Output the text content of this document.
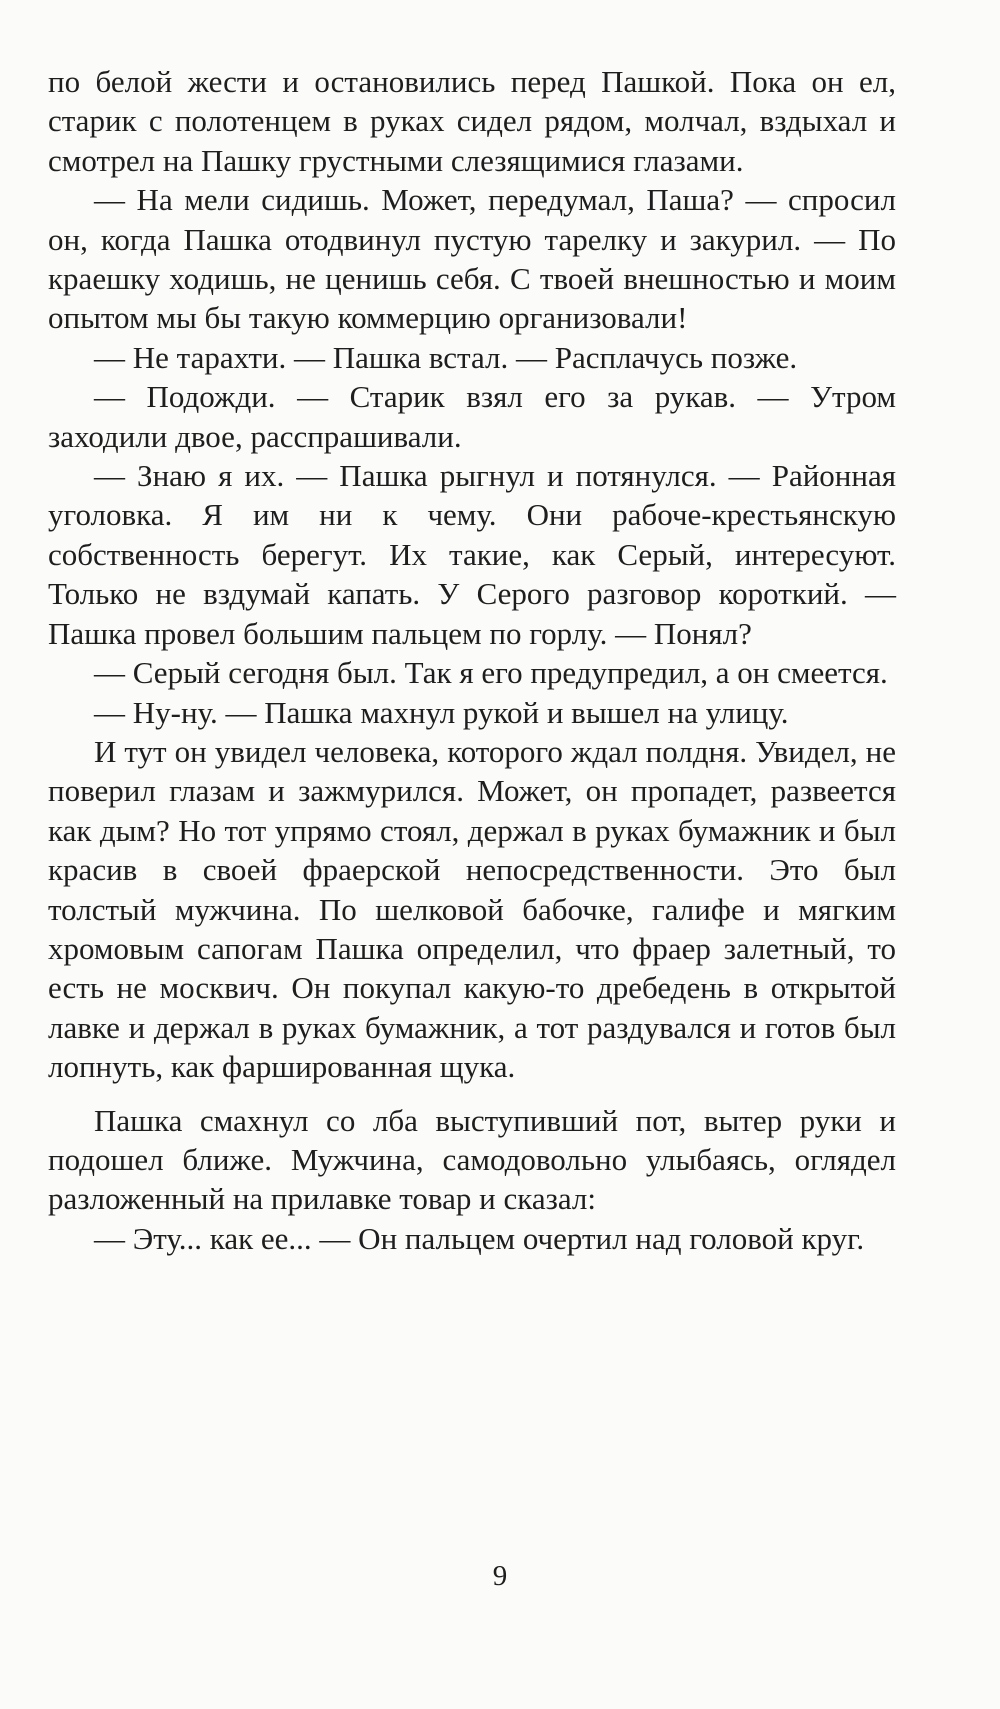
по белой жести и остановились перед Пашкой. Пока он ел, старик с полотенцем в руках сидел рядом, молчал, вздыхал и смотрел на Пашку грустными слезящимися глазами.

— На мели сидишь. Может, передумал, Паша? — спросил он, когда Пашка отодвинул пустую тарелку и закурил. — По краешку ходишь, не ценишь себя. С твоей внешностью и моим опытом мы бы такую коммерцию организовали!

— Не тарахти. — Пашка встал. — Расплачусь позже.

— Подожди. — Старик взял его за рукав. — Утром заходили двое, расспрашивали.

— Знаю я их. — Пашка рыгнул и потянулся. — Районная уголовка. Я им ни к чему. Они рабоче-крестьянскую собственность берегут. Их такие, как Серый, интересуют. Только не вздумай капать. У Серого разговор короткий. — Пашка провел большим пальцем по горлу. — Понял?

— Серый сегодня был. Так я его предупредил, а он смеется.

— Ну-ну. — Пашка махнул рукой и вышел на улицу.

И тут он увидел человека, которого ждал полдня. Увидел, не поверил глазам и зажмурился. Может, он пропадет, развеется как дым? Но тот упрямо стоял, держал в руках бумажник и был красив в своей фраерской непосредственности. Это был толстый мужчина. По шелковой бабочке, галифе и мягким хромовым сапогам Пашка определил, что фраер залетный, то есть не москвич. Он покупал какую-то дребедень в открытой лавке и держал в руках бумажник, а тот раздувался и готов был лопнуть, как фаршированная щука.

Пашка смахнул со лба выступивший пот, вытер руки и подошел ближе. Мужчина, самодовольно улыбаясь, оглядел разложенный на прилавке товар и сказал:

— Эту... как ее... — Он пальцем очертил над головой круг.

9
